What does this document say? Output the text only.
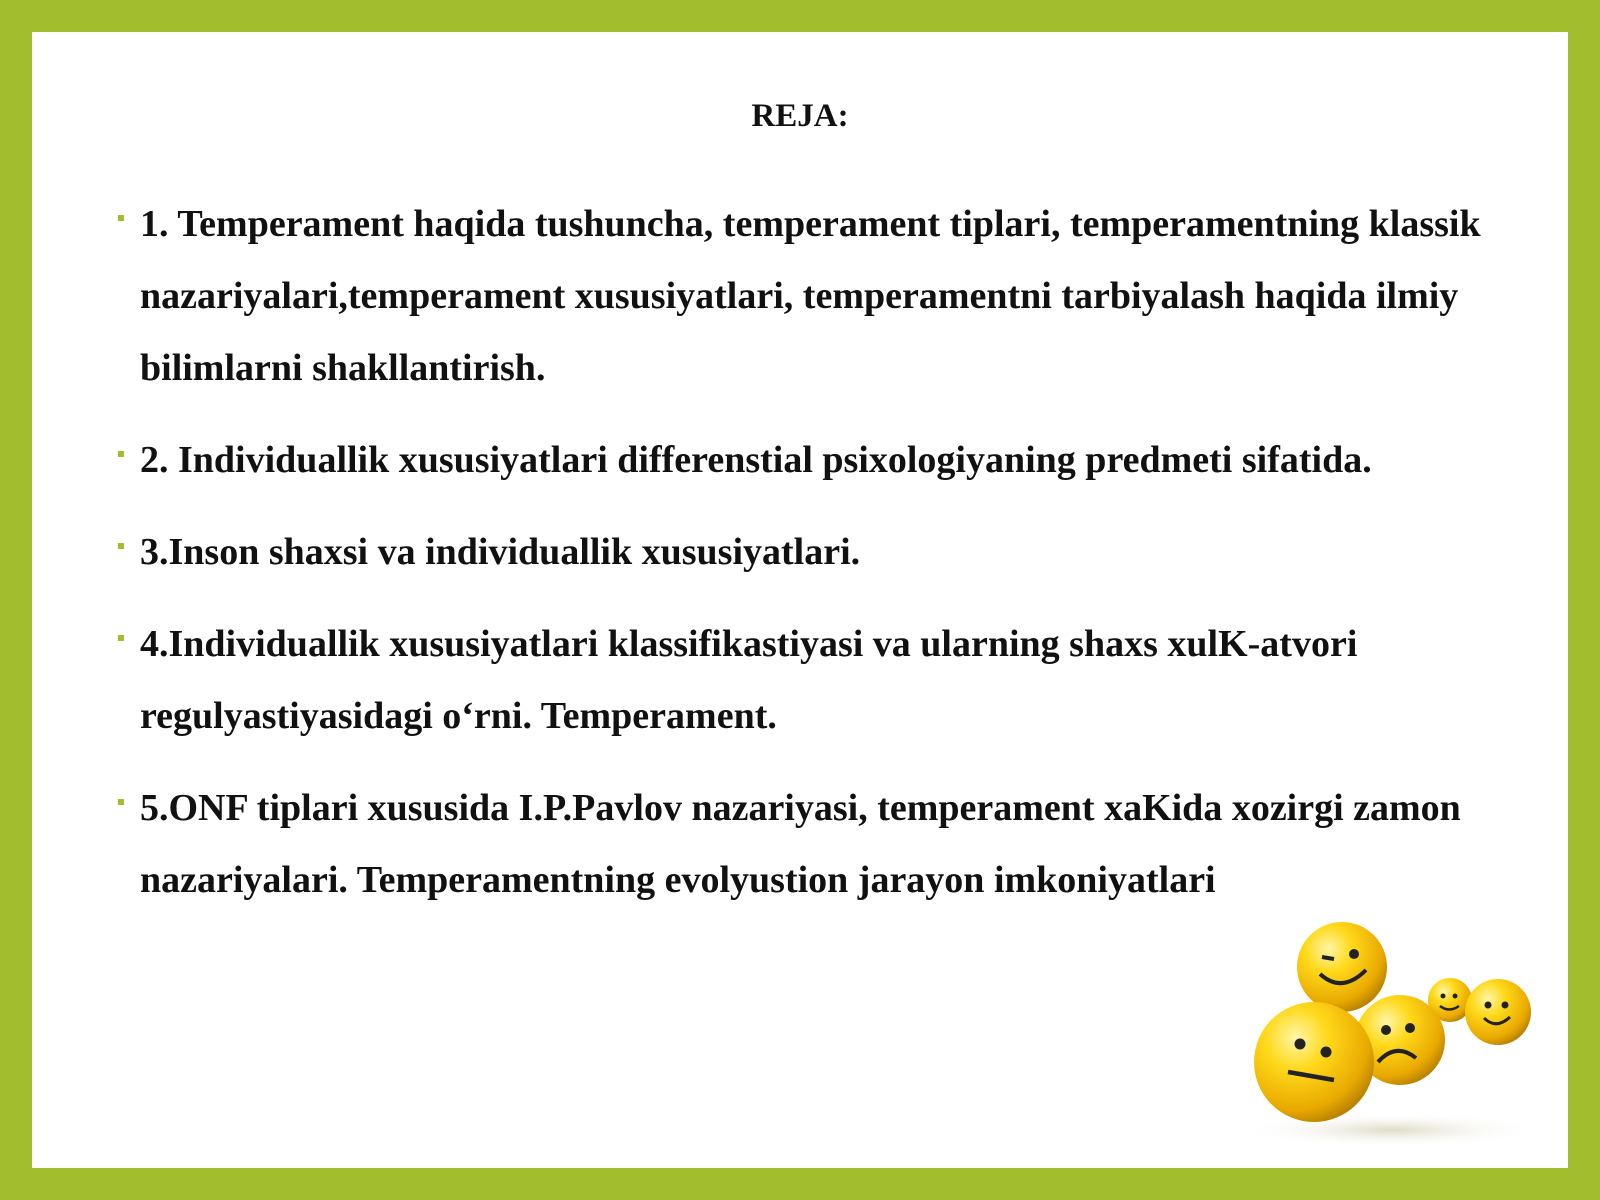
REJA:
1. Temperament haqida tushuncha, temperament tiplari, temperamentning klassik nazariyalari,temperament xususiyatlari, temperamentni tarbiyalash haqida ilmiy bilimlarni shakllantirish.
2. Individuallik xususiyatlari differenstial psixologiyaning predmeti sifatida.
3.Inson shaxsi va individuallik xususiyatlari.
4.Individuallik xususiyatlari klassifikastiyasi va ularning shaxs xulK-atvori regulyastiyasidagi o‘rni. Temperament.
5.ONF tiplari xususida I.P.Pavlov nazariyasi, temperament xaKida xozirgi zamon nazariyalari. Temperamentning evolyustion jarayon imkoniyatlari
